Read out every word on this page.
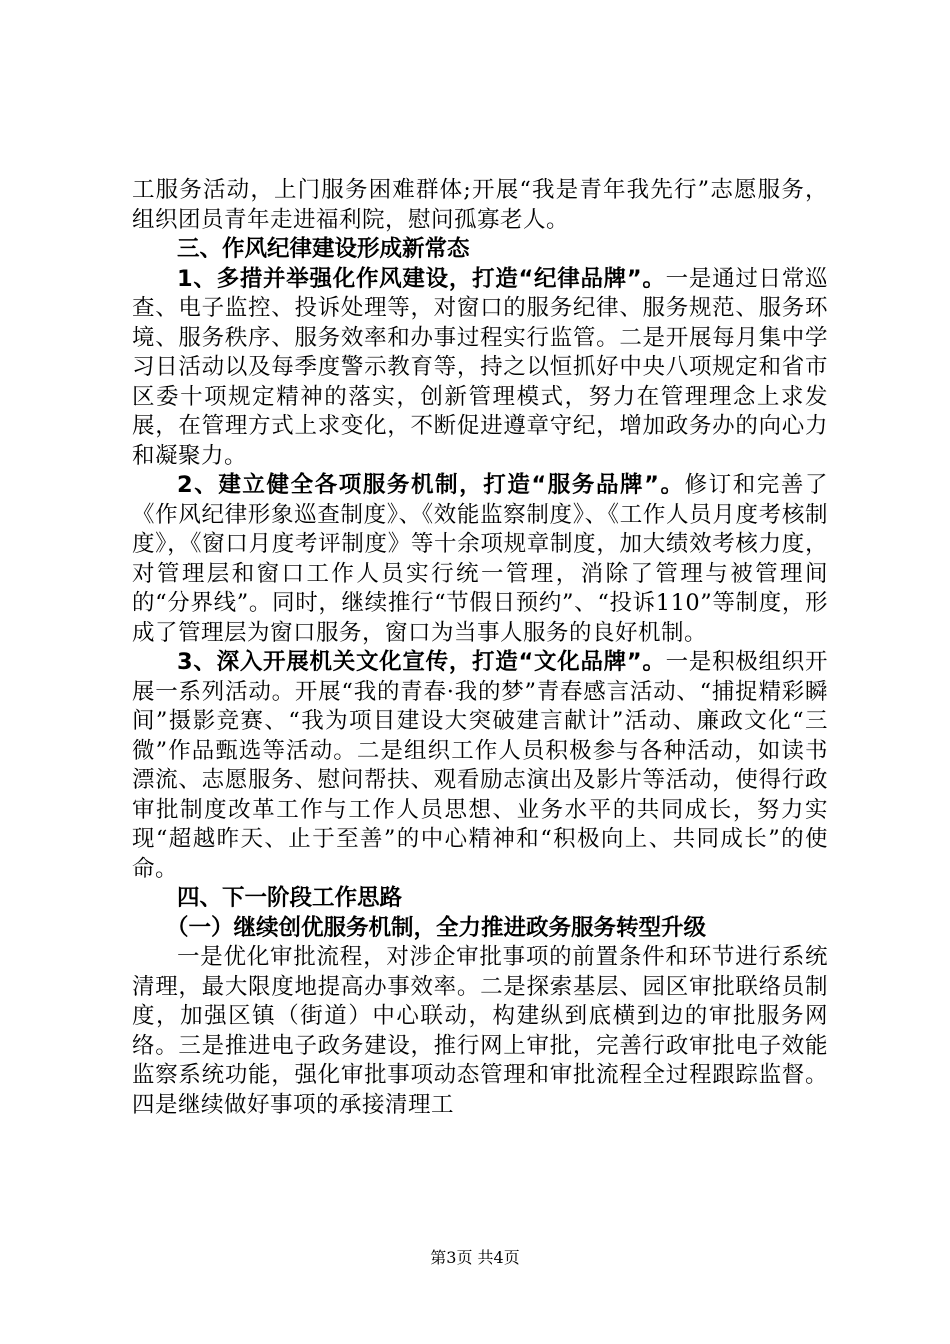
工服务活动，上门服务困难群体;开展“我是青年我先行”志愿服务，组织团员青年走进福利院，慰问孤寡老人。

三、作风纪律建设形成新常态

1、多措并举强化作风建设，打造“纪律品牌”。一是通过日常巡查、电子监控、投诉处理等，对窗口的服务纪律、服务规范、服务环境、服务秩序、服务效率和办事过程实行监管。二是开展每月集中学习日活动以及每季度警示教育等，持之以恒抓好中央八项规定和省市区委十项规定精神的落实，创新管理模式，努力在管理理念上求发展，在管理方式上求变化，不断促进遵章守纪，增加政务办的向心力和凝聚力。

2、建立健全各项服务机制，打造“服务品牌”。修订和完善了《作风纪律形象巡查制度》、《效能监察制度》、《工作人员月度考核制度》，《窗口月度考评制度》等十余项规章制度，加大绩效考核力度，对管理层和窗口工作人员实行统一管理，消除了管理与被管理间的“分界线”。同时，继续推行“节假日预约”、“投诉110”等制度，形成了管理层为窗口服务，窗口为当事人服务的良好机制。

3、深入开展机关文化宣传，打造“文化品牌”。一是积极组织开展一系列活动。开展“我的青春·我的梦”青春感言活动、“捕捉精彩瞬间”摄影竞赛、“我为项目建设大突破建言献计”活动、廉政文化“三微”作品甄选等活动。二是组织工作人员积极参与各种活动，如读书漂流、志愿服务、慰问帮扶、观看励志演出及影片等活动，使得行政审批制度改革工作与工作人员思想、业务水平的共同成长，努力实现“超越昨天、止于至善”的中心精神和“积极向上、共同成长”的使命。

四、下一阶段工作思路

（一）继续创优服务机制，全力推进政务服务转型升级

一是优化审批流程，对涉企审批事项的前置条件和环节进行系统清理，最大限度地提高办事效率。二是探索基层、园区审批联络员制度，加强区镇（街道）中心联动，构建纵到底横到边的审批服务网络。三是推进电子政务建设，推行网上审批，完善行政审批电子效能监察系统功能，强化审批事项动态管理和审批流程全过程跟踪监督。四是继续做好事项的承接清理工

第3页 共4页
